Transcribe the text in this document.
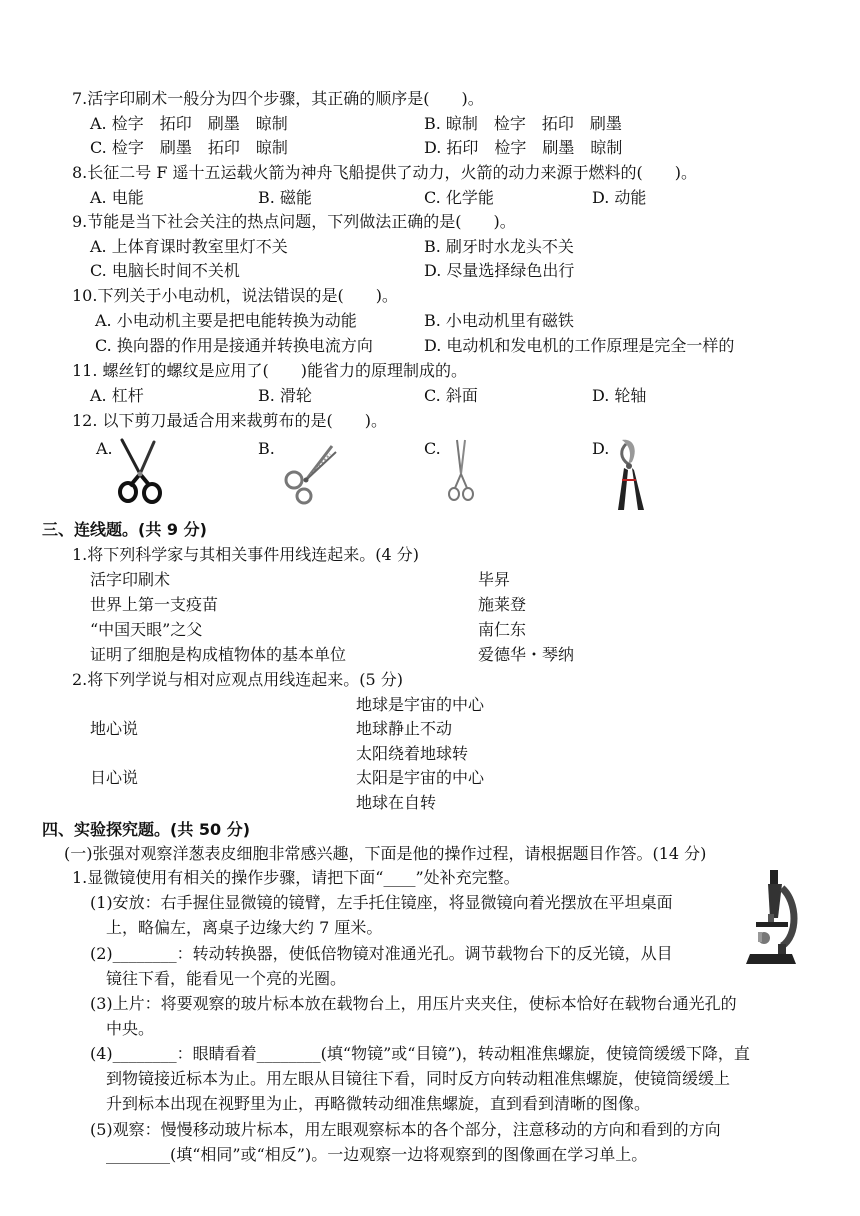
7.活字印刷术一般分为四个步骤，其正确的顺序是(　　)。
A. 检字　拓印　刷墨　晾制	B. 晾制　检字　拓印　刷墨
C. 检字　刷墨　拓印　晾制	D. 拓印　检字　刷墨　晾制
8.长征二号 F 遥十五运载火箭为神舟飞船提供了动力，火箭的动力来源于燃料的(　　)。
A. 电能	B. 磁能	C. 化学能	D. 动能
9.节能是当下社会关注的热点问题，下列做法正确的是(　　)。
A. 上体育课时教室里灯不关	B. 刷牙时水龙头不关
C. 电脑长时间不关机	D. 尽量选择绿色出行
10.下列关于小电动机，说法错误的是(　　)。
A. 小电动机主要是把电能转换为动能	B. 小电动机里有磁铁
C. 换向器的作用是接通并转换电流方向	D. 电动机和发电机的工作原理是完全一样的
11. 螺丝钉的螺纹是应用了(　　)能省力的原理制成的。
A. 杠杆	B. 滑轮	C. 斜面	D. 轮轴
12. 以下剪刀最适合用来裁剪布的是(　　)。
A.	B.	C.	D.
三、连线题。(共 9 分)
1.将下列科学家与其相关事件用线连起来。(4 分)
活字印刷术
世界上第一支疫苗
“中国天眼”之父
证明了细胞是构成植物体的基本单位
毕昇
施莱登
南仁东
爱德华・琴纳
2.将下列学说与相对应观点用线连起来。(5 分)
地球是宇宙的中心
地心说	地球静止不动
太阳绕着地球转
日心说	太阳是宇宙的中心
地球在自转
四、实验探究题。(共 50 分)
(一)张强对观察洋葱表皮细胞非常感兴趣，下面是他的操作过程，请根据题目作答。(14 分)
1.显微镜使用有相关的操作步骤，请把下面“____”处补充完整。
(1)安放：右手握住显微镜的镜臂，左手托住镜座，将显微镜向着光摆放在平坦桌面
上，略偏左，离桌子边缘大约 7 厘米。
(2)________：转动转换器，使低倍物镜对准通光孔。调节载物台下的反光镜，从目
镜往下看，能看见一个亮的光圈。
(3)上片：将要观察的玻片标本放在载物台上，用压片夹夹住，使标本恰好在载物台通光孔的
中央。
(4)________：眼睛看着________(填“物镜”或“目镜”)，转动粗准焦螺旋，使镜筒缓缓下降，直
到物镜接近标本为止。用左眼从目镜往下看，同时反方向转动粗准焦螺旋，使镜筒缓缓上
升到标本出现在视野里为止，再略微转动细准焦螺旋，直到看到清晰的图像。
(5)观察：慢慢移动玻片标本，用左眼观察标本的各个部分，注意移动的方向和看到的方向
________(填“相同”或“相反”)。一边观察一边将观察到的图像画在学习单上。
